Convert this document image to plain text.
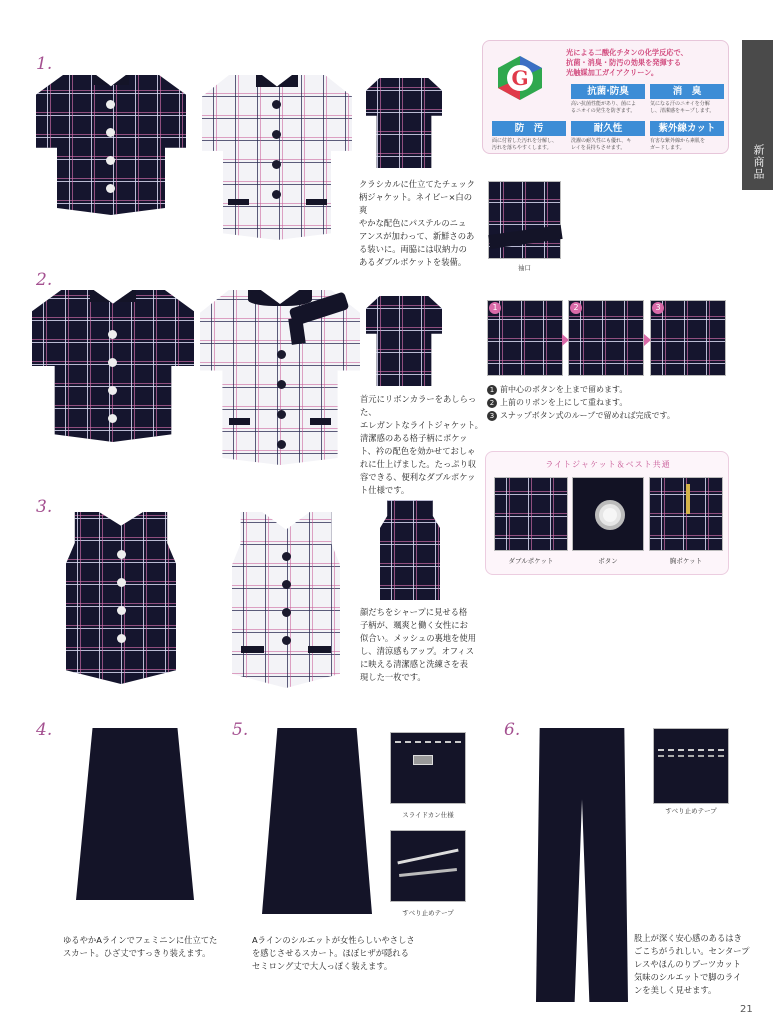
新商品
21
1.
クラシカルに仕立てたチェック
柄ジャケット。ネイビー×白の爽
やかな配色にパステルのニュ
アンスが加わって、新鮮さのあ
る装いに。両脇には収納力の
あるダブルポケットを装備。
袖口
G
光による二酸化チタンの化学反応で、
抗菌・消臭・防汚の効果を発揮する
光触媒加工ガイアクリーン。
抗菌·防臭
高い抗菌性能があり、菌によ
るニオイの発生を防ぎます。
消　臭
気になる汗のニオイを分解
し、清潔感をキープします。
防　汚
面に付着した汚れを分解し、
汚れを落ちやすくします。
耐久性
洗濯の耐久性にも優れ、キ
レイを長持ちさせます。
紫外線カット
有害な紫外線から素肌を
ガードします。
2.
首元にリボンカラーをあしらった、
エレガントなライトジャケット。
清潔感のある格子柄にポケッ
ト、衿の配色を効かせておしゃ
れに仕上げました。たっぷり収
容できる、便利なダブルポケッ
ト仕様です。
1	2	3
1 前中心のボタンを上まで留めます。
2 上前のリボンを上にして重ねます。
3 スナップボタン式のループで留めれば完成です。
ライトジャケット＆ベスト共通
ダブルポケット	ボタン	胸ポケット
3.
顔だちをシャープに見せる格
子柄が、颯爽と働く女性にお
似合い。メッシュの裏地を使用
し、清涼感もアップ。オフィス
に映える清潔感と洗練さを表
現した一枚です。
4.
ゆるやかAラインでフェミニンに仕立てた
スカート。ひざ丈ですっきり装えます。
5.
スライドカン仕様
すべり止めテープ
Aラインのシルエットが女性らしいやさしさ
を感じさせるスカート。ほぼヒザが隠れる
セミロング丈で大人っぽく装えます。
6.
すべり止めテープ
股上が深く安心感のあるはき
ごこちがうれしい。センタープ
レスやほんのりブーツカット
気味のシルエットで脚のライ
ンを美しく見せます。
